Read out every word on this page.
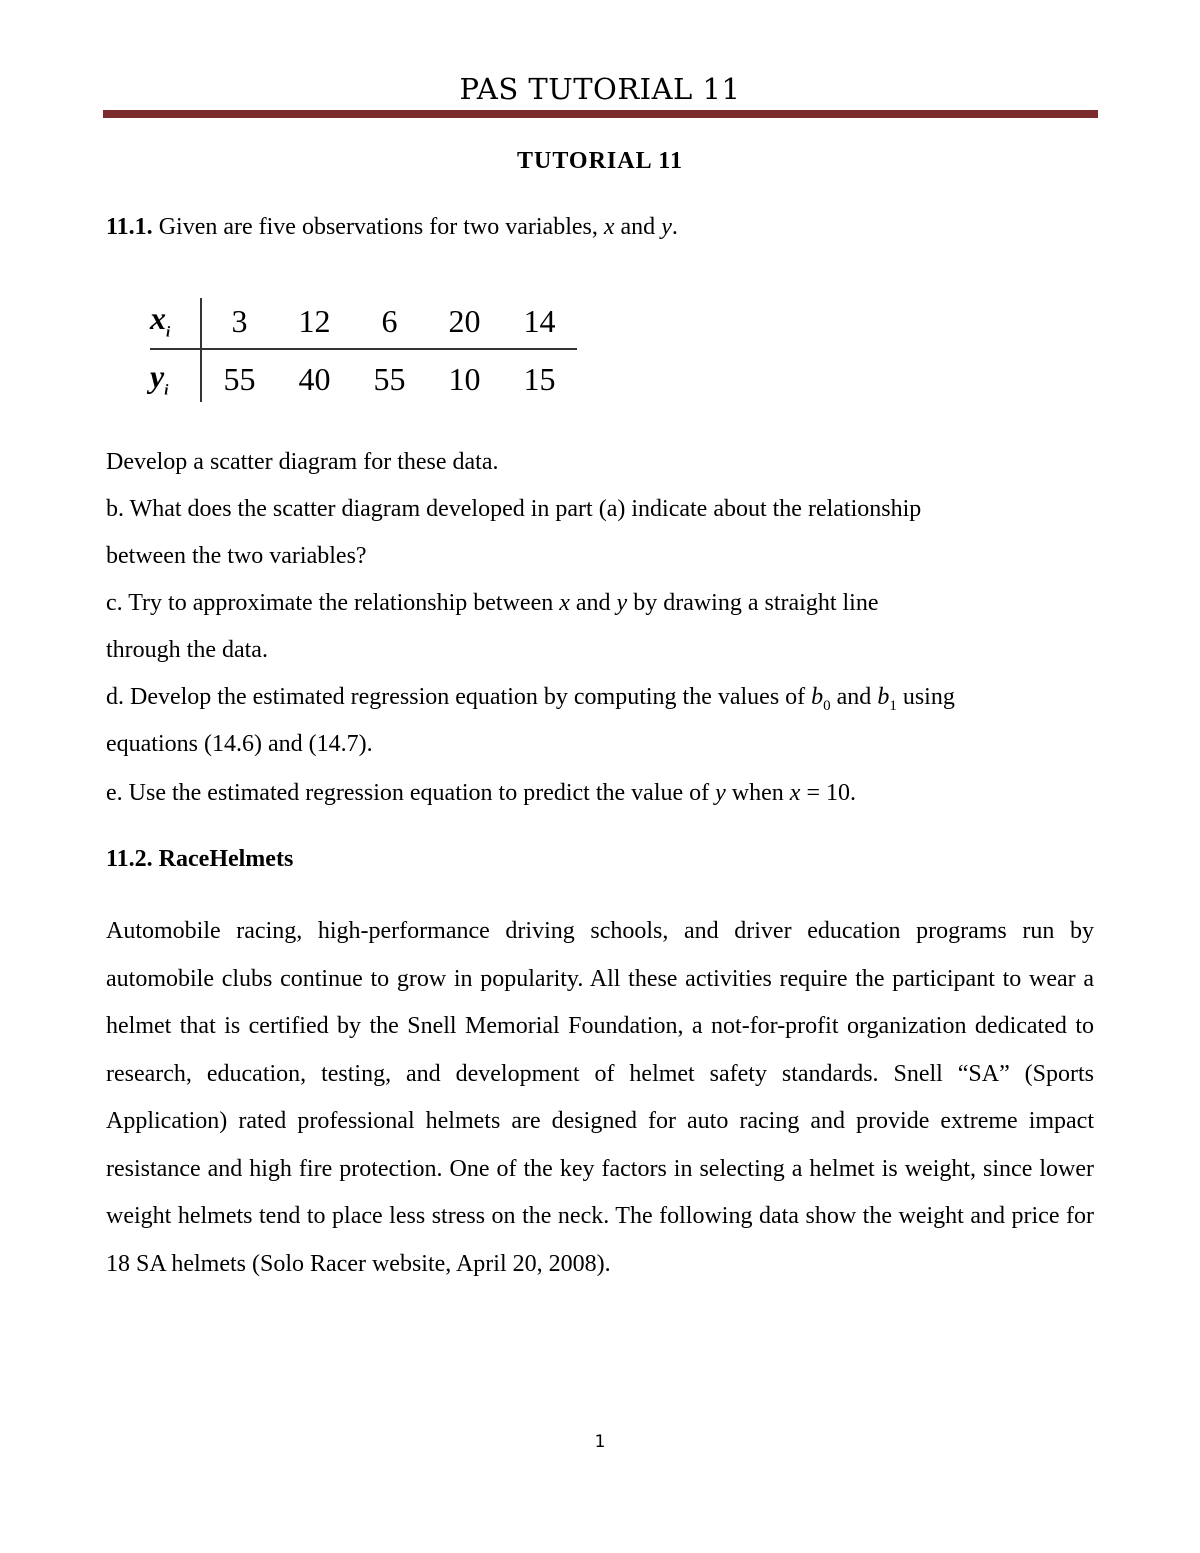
PAS TUTORIAL 11
TUTORIAL 11
11.1. Given are five observations for two variables, x and y.
$x_i$	3	12	6	20	14
$y_i$	55	40	55	10	15
Develop a scatter diagram for these data.
b. What does the scatter diagram developed in part (a) indicate about the relationship
between the two variables?
c. Try to approximate the relationship between x and y by drawing a straight line
through the data.
d. Develop the estimated regression equation by computing the values of $b_0$ and $b_1$ using
equations (14.6) and (14.7).
e. Use the estimated regression equation to predict the value of y when x = 10.
11.2. RaceHelmets
Automobile racing, high-performance driving schools, and driver education programs run by automobile clubs continue to grow in popularity. All these activities require the participant to wear a helmet that is certified by the Snell Memorial Foundation, a not-for-profit organization dedicated to research, education, testing, and development of helmet safety standards. Snell “SA” (Sports Application) rated professional helmets are designed for auto racing and provide extreme impact resistance and high fire protection. One of the key factors in selecting a helmet is weight, since lower weight helmets tend to place less stress on the neck. The following data show the weight and price for 18 SA helmets (Solo Racer website, April 20, 2008).
1
